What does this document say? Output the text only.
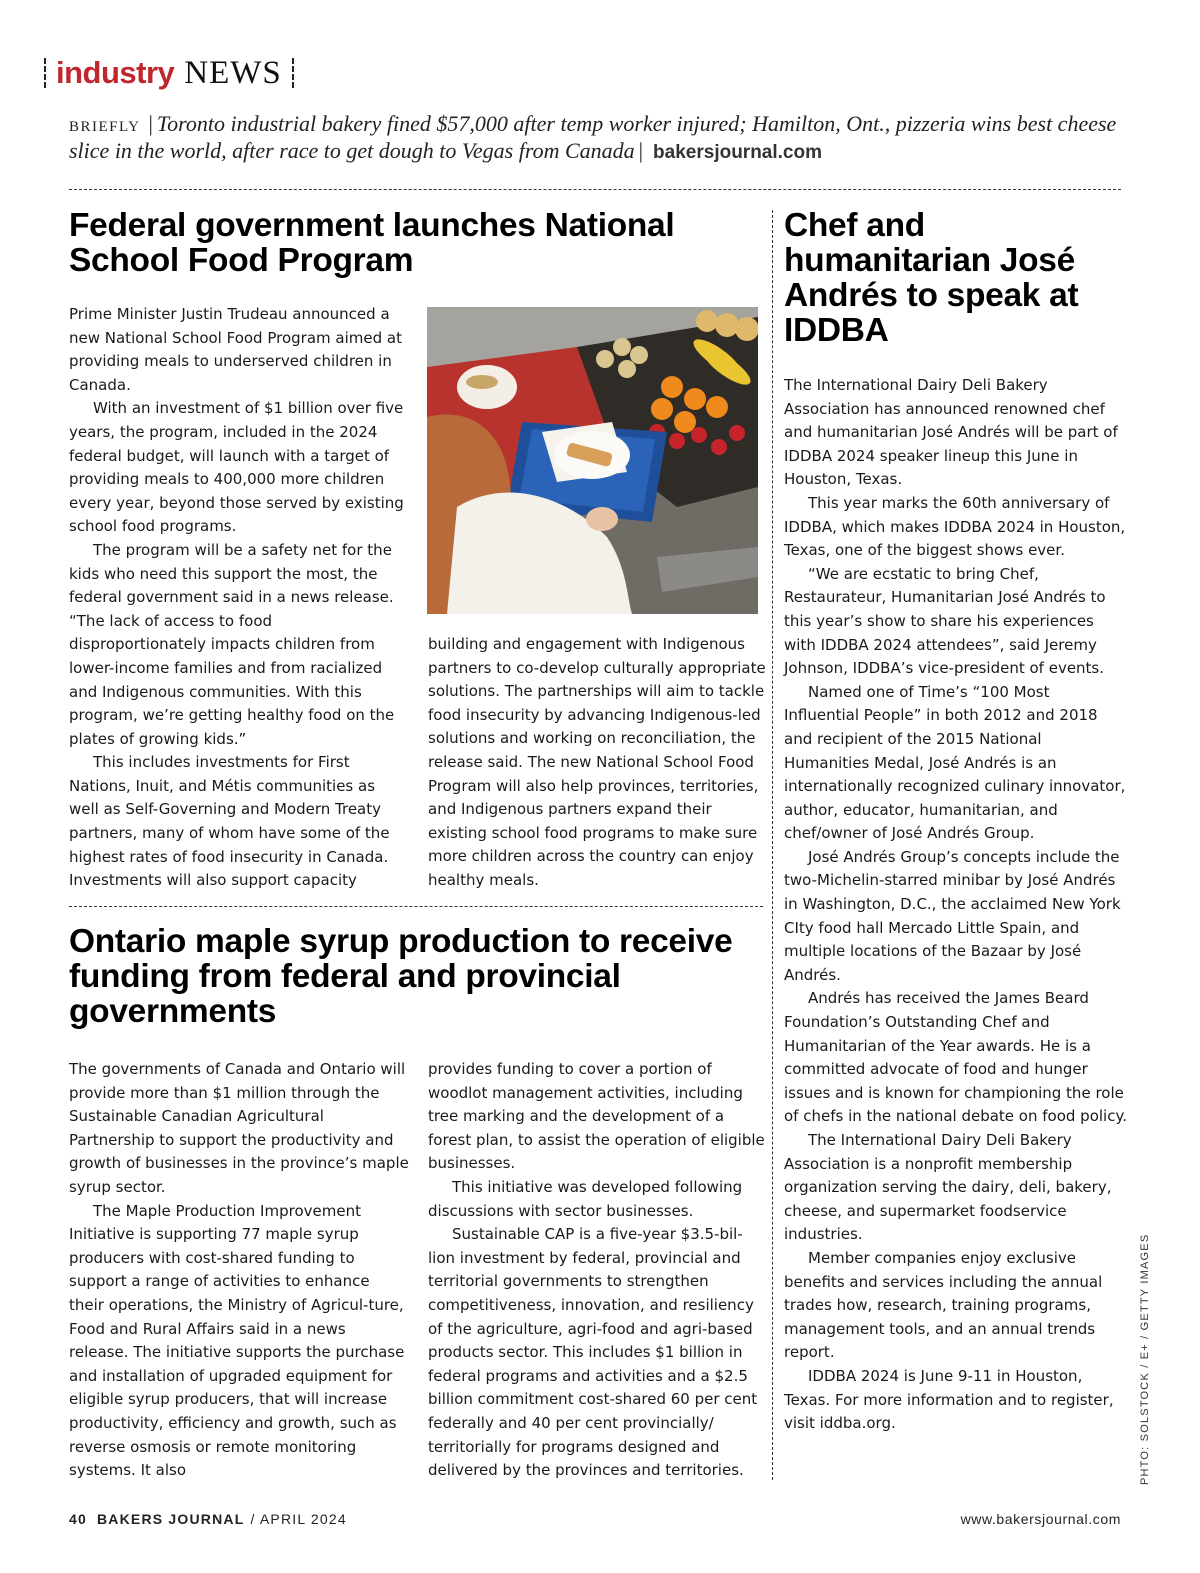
industry NEWS
BRIEFLY | Toronto industrial bakery fined $57,000 after temp worker injured; Hamilton, Ont., pizzeria wins best cheese slice in the world, after race to get dough to Vegas from Canada | bakersjournal.com
Federal government launches National School Food Program

Prime Minister Justin Trudeau announced a new National School Food Program aimed at providing meals to underserved children in Canada.

With an investment of $1 billion over five years, the program, included in the 2024 federal budget, will launch with a target of providing meals to 400,000 more children every year, beyond those served by existing school food programs.

The program will be a safety net for the kids who need this support the most, the federal government said in a news release. “The lack of access to food disproportionately impacts children from lower-income families and from racialized and Indigenous communities. With this program, we’re getting healthy food on the plates of growing kids.”

This includes investments for First Nations, Inuit, and Métis communities as well as Self-Governing and Modern Treaty partners, many of whom have some of the highest rates of food insecurity in Canada. Investments will also support capacity

building and engagement with Indigenous partners to co-develop culturally appropriate solutions. The partnerships will aim to tackle food insecurity by advancing Indigenous-led solutions and working on reconciliation, the release said. The new National School Food Program will also help provinces, territories, and Indigenous partners expand their existing school food programs to make sure more children across the country can enjoy healthy meals.

Ontario maple syrup production to receive funding from federal and provincial governments

The governments of Canada and Ontario will provide more than $1 million through the Sustainable Canadian Agricultural Partnership to support the productivity and growth of businesses in the province’s maple syrup sector.

The Maple Production Improvement Initiative is supporting 77 maple syrup producers with cost-shared funding to support a range of activities to enhance their operations, the Ministry of Agricul-ture, Food and Rural Affairs said in a news release. The initiative supports the purchase and installation of upgraded equipment for eligible syrup producers, that will increase productivity, efficiency and growth, such as reverse osmosis or remote monitoring systems. It also

provides funding to cover a portion of woodlot management activities, including tree marking and the development of a forest plan, to assist the operation of eligible businesses.

This initiative was developed following discussions with sector businesses.

Sustainable CAP is a five-year $3.5-bil-lion investment by federal, provincial and territorial governments to strengthen competitiveness, innovation, and resiliency of the agriculture, agri-food and agri-based products sector. This includes $1 billion in federal programs and activities and a $2.5 billion commitment cost-shared 60 per cent federally and 40 per cent provincially/ territorially for programs designed and delivered by the provinces and territories.

Chef and humanitarian José Andrés to speak at IDDBA

The International Dairy Deli Bakery Association has announced renowned chef and humanitarian José Andrés will be part of IDDBA 2024 speaker lineup this June in Houston, Texas.

This year marks the 60th anniversary of IDDBA, which makes IDDBA 2024 in Houston, Texas, one of the biggest shows ever.

“We are ecstatic to bring Chef, Restaurateur, Humanitarian José Andrés to this year’s show to share his experiences with IDDBA 2024 attendees”, said Jeremy Johnson, IDDBA’s vice-president of events.

Named one of Time’s “100 Most Influential People” in both 2012 and 2018 and recipient of the 2015 National Humanities Medal, José Andrés is an internationally recognized culinary innovator, author, educator, humanitarian, and chef/owner of José Andrés Group.

José Andrés Group’s concepts include the two-Michelin-starred minibar by José Andrés in Washington, D.C., the acclaimed New York CIty food hall Mercado Little Spain, and multiple locations of the Bazaar by José Andrés.

Andrés has received the James Beard Foundation’s Outstanding Chef and Humanitarian of the Year awards. He is a committed advocate of food and hunger issues and is known for championing the role of chefs in the national debate on food policy.

The International Dairy Deli Bakery Association is a nonprofit membership organization serving the dairy, deli, bakery, cheese, and supermarket foodservice industries.

Member companies enjoy exclusive benefits and services including the annual trades how, research, training programs, management tools, and an annual trends report.

IDDBA 2024 is June 9-11 in Houston, Texas. For more information and to register, visit iddba.org.	PHTO: SOLSTOCK / E+ / GETTY IMAGES
40 BAKERS JOURNAL / APRIL 2024	www.bakersjournal.com
